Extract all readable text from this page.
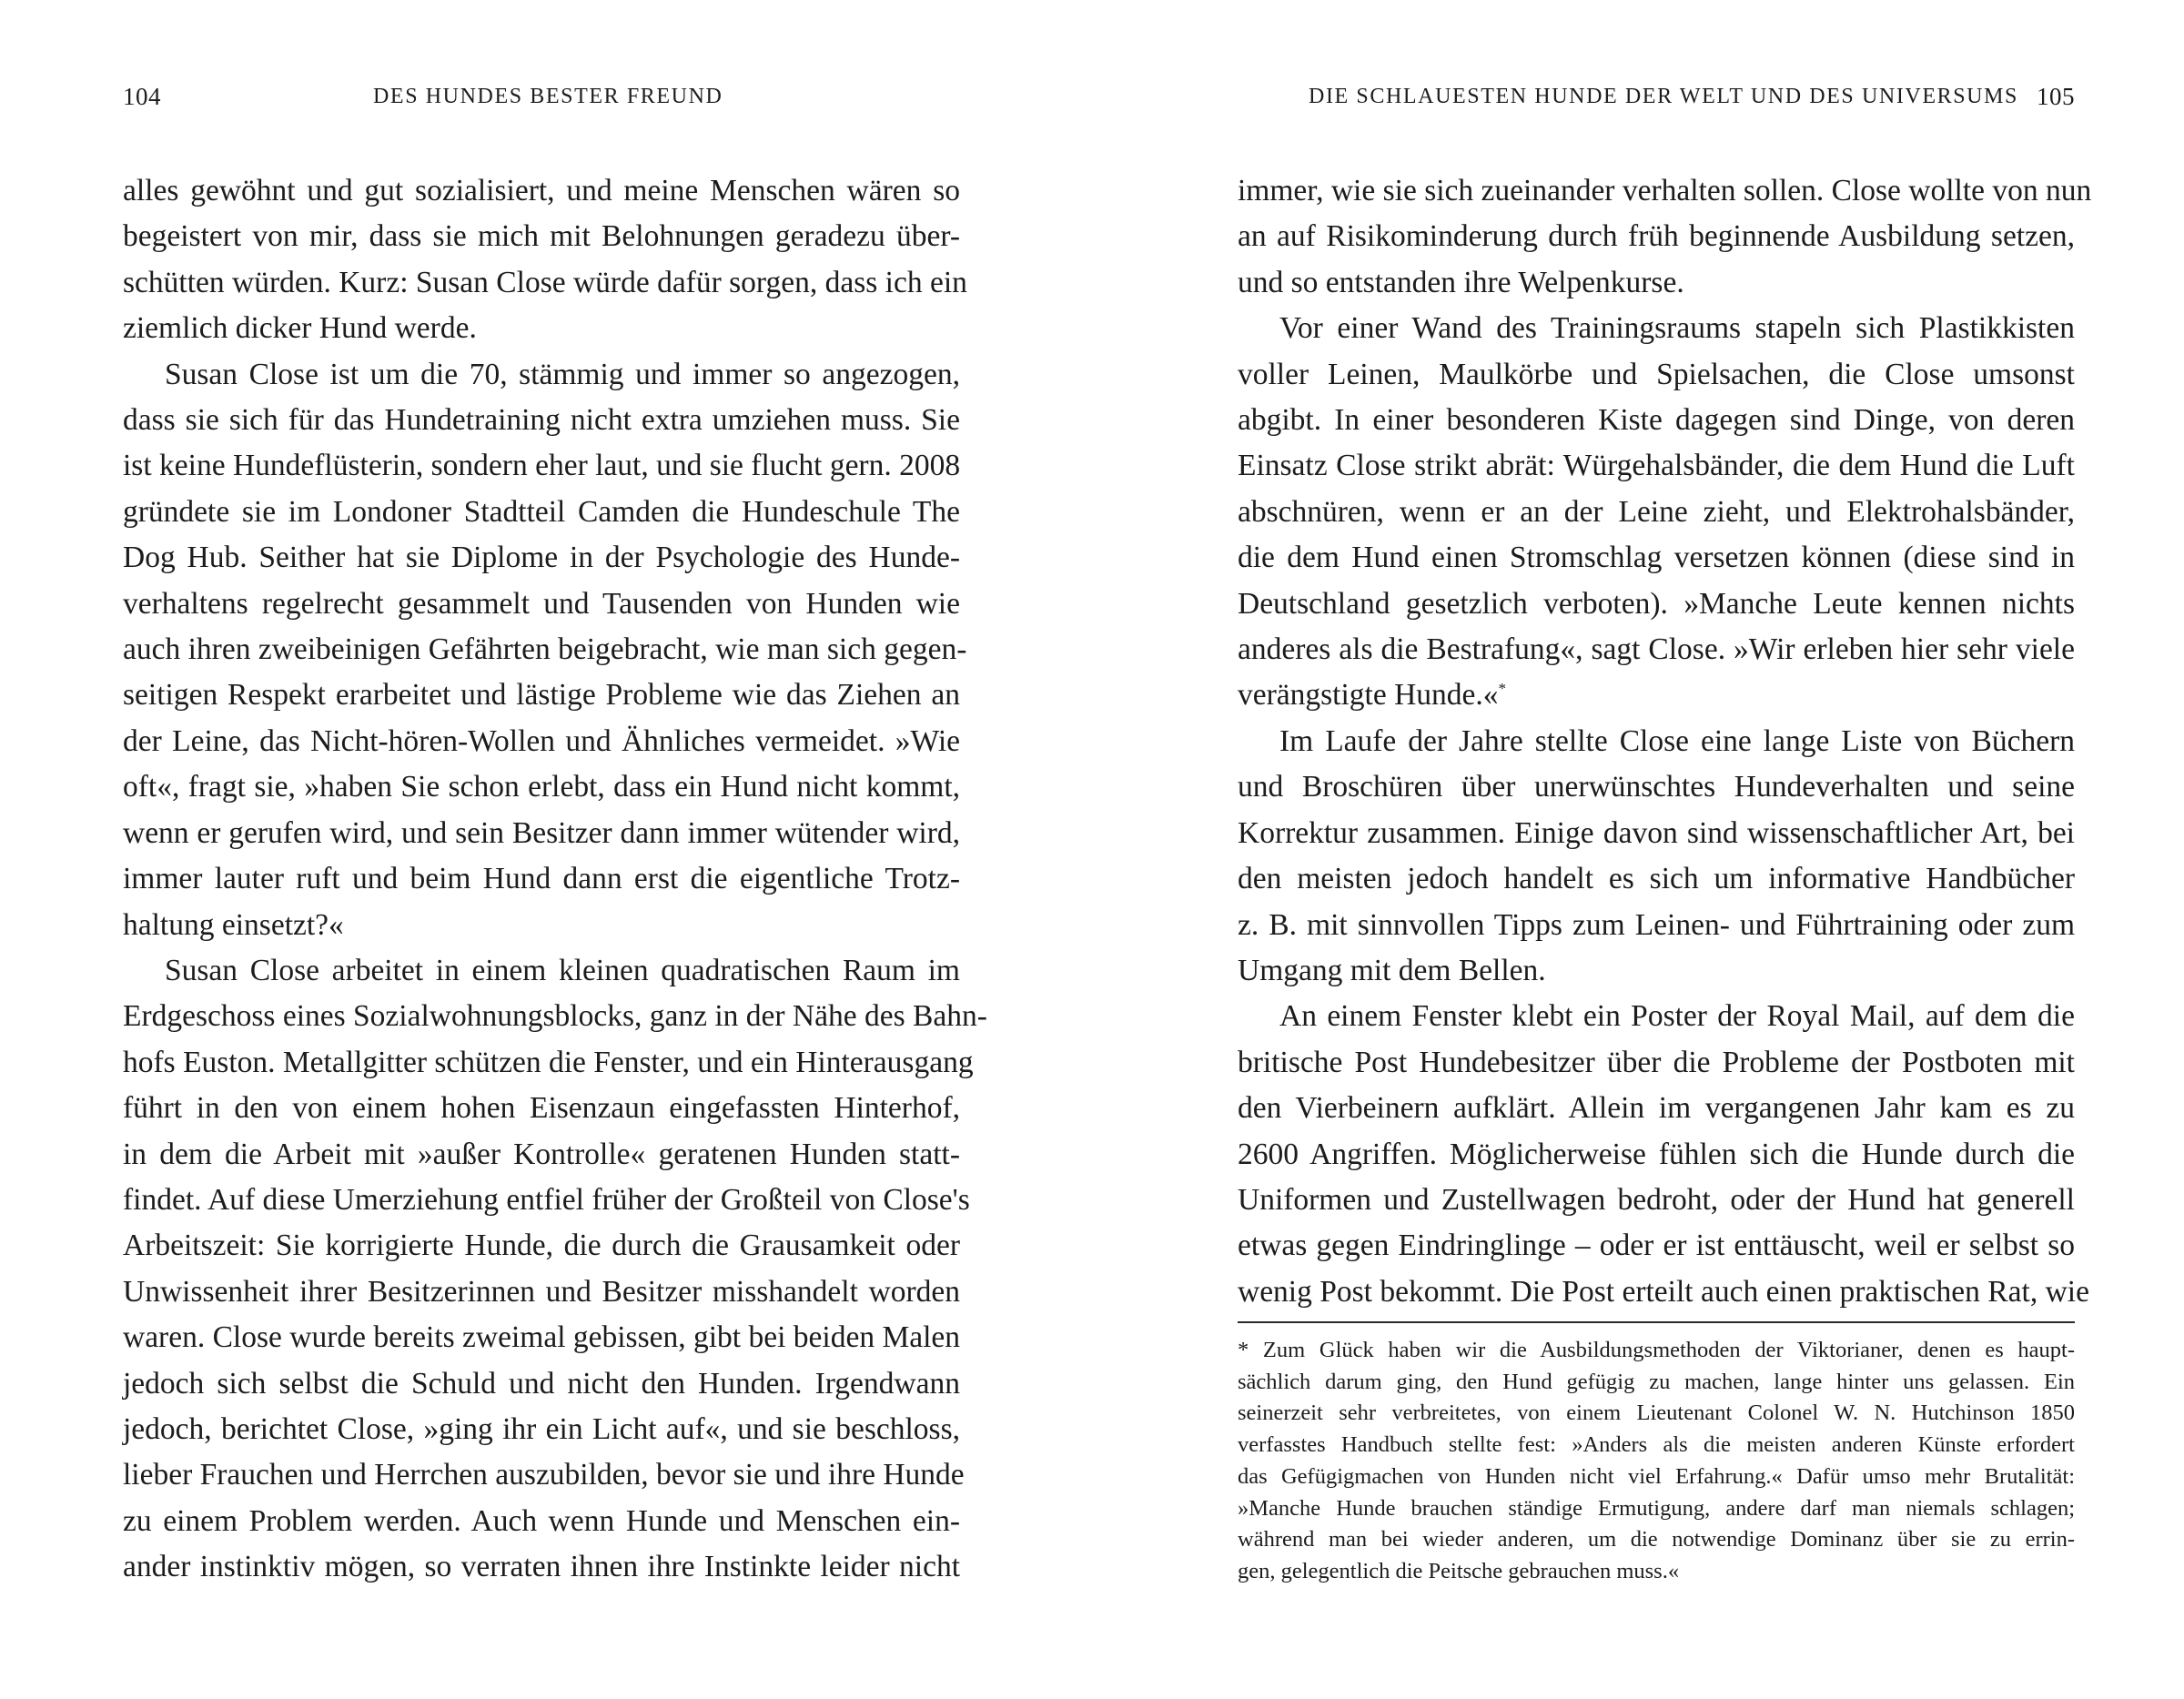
104	DES HUNDES BESTER FREUND

alles gewöhnt und gut sozialisiert, und meine Menschen wären so
begeistert von mir, dass sie mich mit Belohnungen geradezu über-
schütten würden. Kurz: Susan Close würde dafür sorgen, dass ich ein
ziemlich dicker Hund werde.

Susan Close ist um die 70, stämmig und immer so angezogen,
dass sie sich für das Hundetraining nicht extra umziehen muss. Sie
ist keine Hundeflüsterin, sondern eher laut, und sie flucht gern. 2008
gründete sie im Londoner Stadtteil Camden die Hundeschule The
Dog Hub. Seither hat sie Diplome in der Psychologie des Hunde-
verhaltens regelrecht gesammelt und Tausenden von Hunden wie
auch ihren zweibeinigen Gefährten beigebracht, wie man sich gegen-
seitigen Respekt erarbeitet und lästige Probleme wie das Ziehen an
der Leine, das Nicht-hören-Wollen und Ähnliches vermeidet. »Wie
oft«, fragt sie, »haben Sie schon erlebt, dass ein Hund nicht kommt,
wenn er gerufen wird, und sein Besitzer dann immer wütender wird,
immer lauter ruft und beim Hund dann erst die eigentliche Trotz-
haltung einsetzt?«

Susan Close arbeitet in einem kleinen quadratischen Raum im
Erdgeschoss eines Sozialwohnungsblocks, ganz in der Nähe des Bahn-
hofs Euston. Metallgitter schützen die Fenster, und ein Hinterausgang
führt in den von einem hohen Eisenzaun eingefassten Hinterhof,
in dem die Arbeit mit »außer Kontrolle« geratenen Hunden statt-
findet. Auf diese Umerziehung entfiel früher der Großteil von Close's
Arbeitszeit: Sie korrigierte Hunde, die durch die Grausamkeit oder
Unwissenheit ihrer Besitzerinnen und Besitzer misshandelt worden
waren. Close wurde bereits zweimal gebissen, gibt bei beiden Malen
jedoch sich selbst die Schuld und nicht den Hunden. Irgendwann
jedoch, berichtet Close, »ging ihr ein Licht auf«, und sie beschloss,
lieber Frauchen und Herrchen auszubilden, bevor sie und ihre Hunde
zu einem Problem werden. Auch wenn Hunde und Menschen ein-
ander instinktiv mögen, so verraten ihnen ihre Instinkte leider nicht

DIE SCHLAUESTEN HUNDE DER WELT UND DES UNIVERSUMS 105

immer, wie sie sich zueinander verhalten sollen. Close wollte von nun
an auf Risikominderung durch früh beginnende Ausbildung setzen,
und so entstanden ihre Welpenkurse.

Vor einer Wand des Trainingsraums stapeln sich Plastikkisten
voller Leinen, Maulkörbe und Spielsachen, die Close umsonst
abgibt. In einer besonderen Kiste dagegen sind Dinge, von deren
Einsatz Close strikt abrät: Würgehalsbänder, die dem Hund die Luft
abschnüren, wenn er an der Leine zieht, und Elektrohalsbänder,
die dem Hund einen Stromschlag versetzen können (diese sind in
Deutschland gesetzlich verboten). »Manche Leute kennen nichts
anderes als die Bestrafung«, sagt Close. »Wir erleben hier sehr viele
verängstigte Hunde.«*

Im Laufe der Jahre stellte Close eine lange Liste von Büchern
und Broschüren über unerwünschtes Hundeverhalten und seine
Korrektur zusammen. Einige davon sind wissenschaftlicher Art, bei
den meisten jedoch handelt es sich um informative Handbücher
z. B. mit sinnvollen Tipps zum Leinen- und Führtraining oder zum
Umgang mit dem Bellen.

An einem Fenster klebt ein Poster der Royal Mail, auf dem die
britische Post Hundebesitzer über die Probleme der Postboten mit
den Vierbeinern aufklärt. Allein im vergangenen Jahr kam es zu
2600 Angriffen. Möglicherweise fühlen sich die Hunde durch die
Uniformen und Zustellwagen bedroht, oder der Hund hat generell
etwas gegen Eindringlinge – oder er ist enttäuscht, weil er selbst so
wenig Post bekommt. Die Post erteilt auch einen praktischen Rat, wie

* Zum Glück haben wir die Ausbildungsmethoden der Viktorianer, denen es haupt-
sächlich darum ging, den Hund gefügig zu machen, lange hinter uns gelassen. Ein
seinerzeit sehr verbreitetes, von einem Lieutenant Colonel W. N. Hutchinson 1850
verfasstes Handbuch stellte fest: »Anders als die meisten anderen Künste erfordert
das Gefügigmachen von Hunden nicht viel Erfahrung.« Dafür umso mehr Brutalität:
»Manche Hunde brauchen ständige Ermutigung, andere darf man niemals schlagen;
während man bei wieder anderen, um die notwendige Dominanz über sie zu errin-
gen, gelegentlich die Peitsche gebrauchen muss.«
